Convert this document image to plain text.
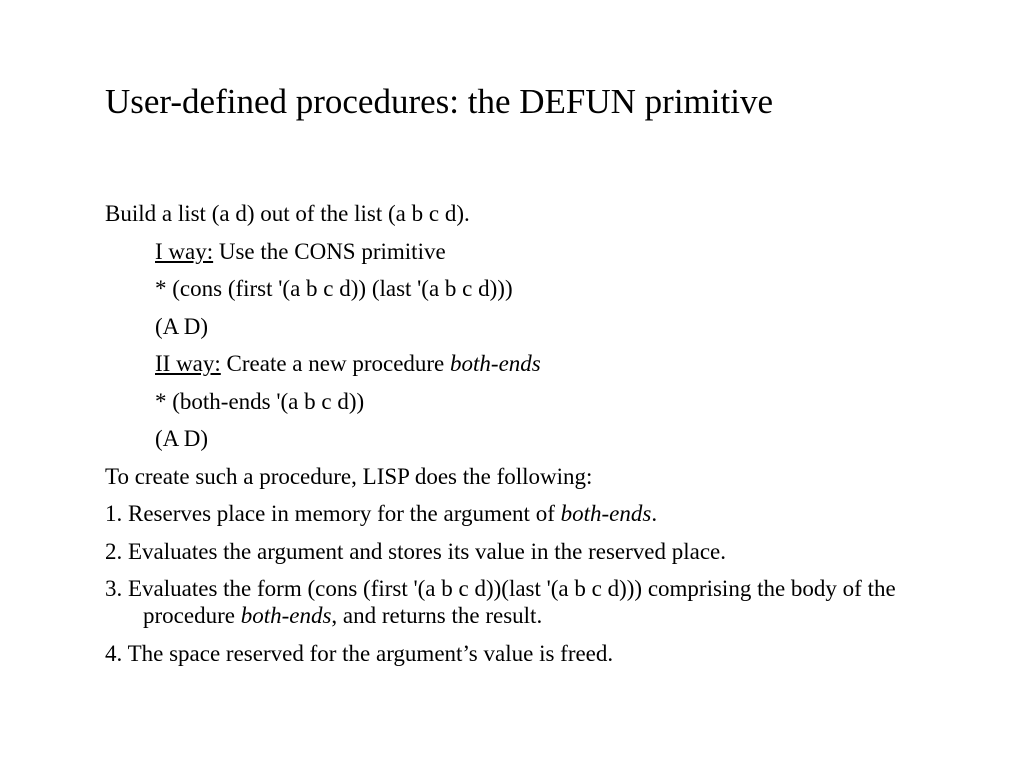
User-defined procedures: the DEFUN primitive

Build a list (a d) out of the list (a b c d).

I way: Use the CONS primitive

* (cons (first '(a b c d)) (last '(a b c d)))

(A D)

II way: Create a new procedure both-ends

* (both-ends '(a b c d))

(A D)

To create such a procedure, LISP does the following:

1. Reserves place in memory for the argument of both-ends.

2. Evaluates the argument and stores its value in the reserved place.

3. Evaluates the form (cons (first '(a b c d))(last '(a b c d))) comprising the body of the procedure both-ends, and returns the result.

4. The space reserved for the argument’s value is freed.
